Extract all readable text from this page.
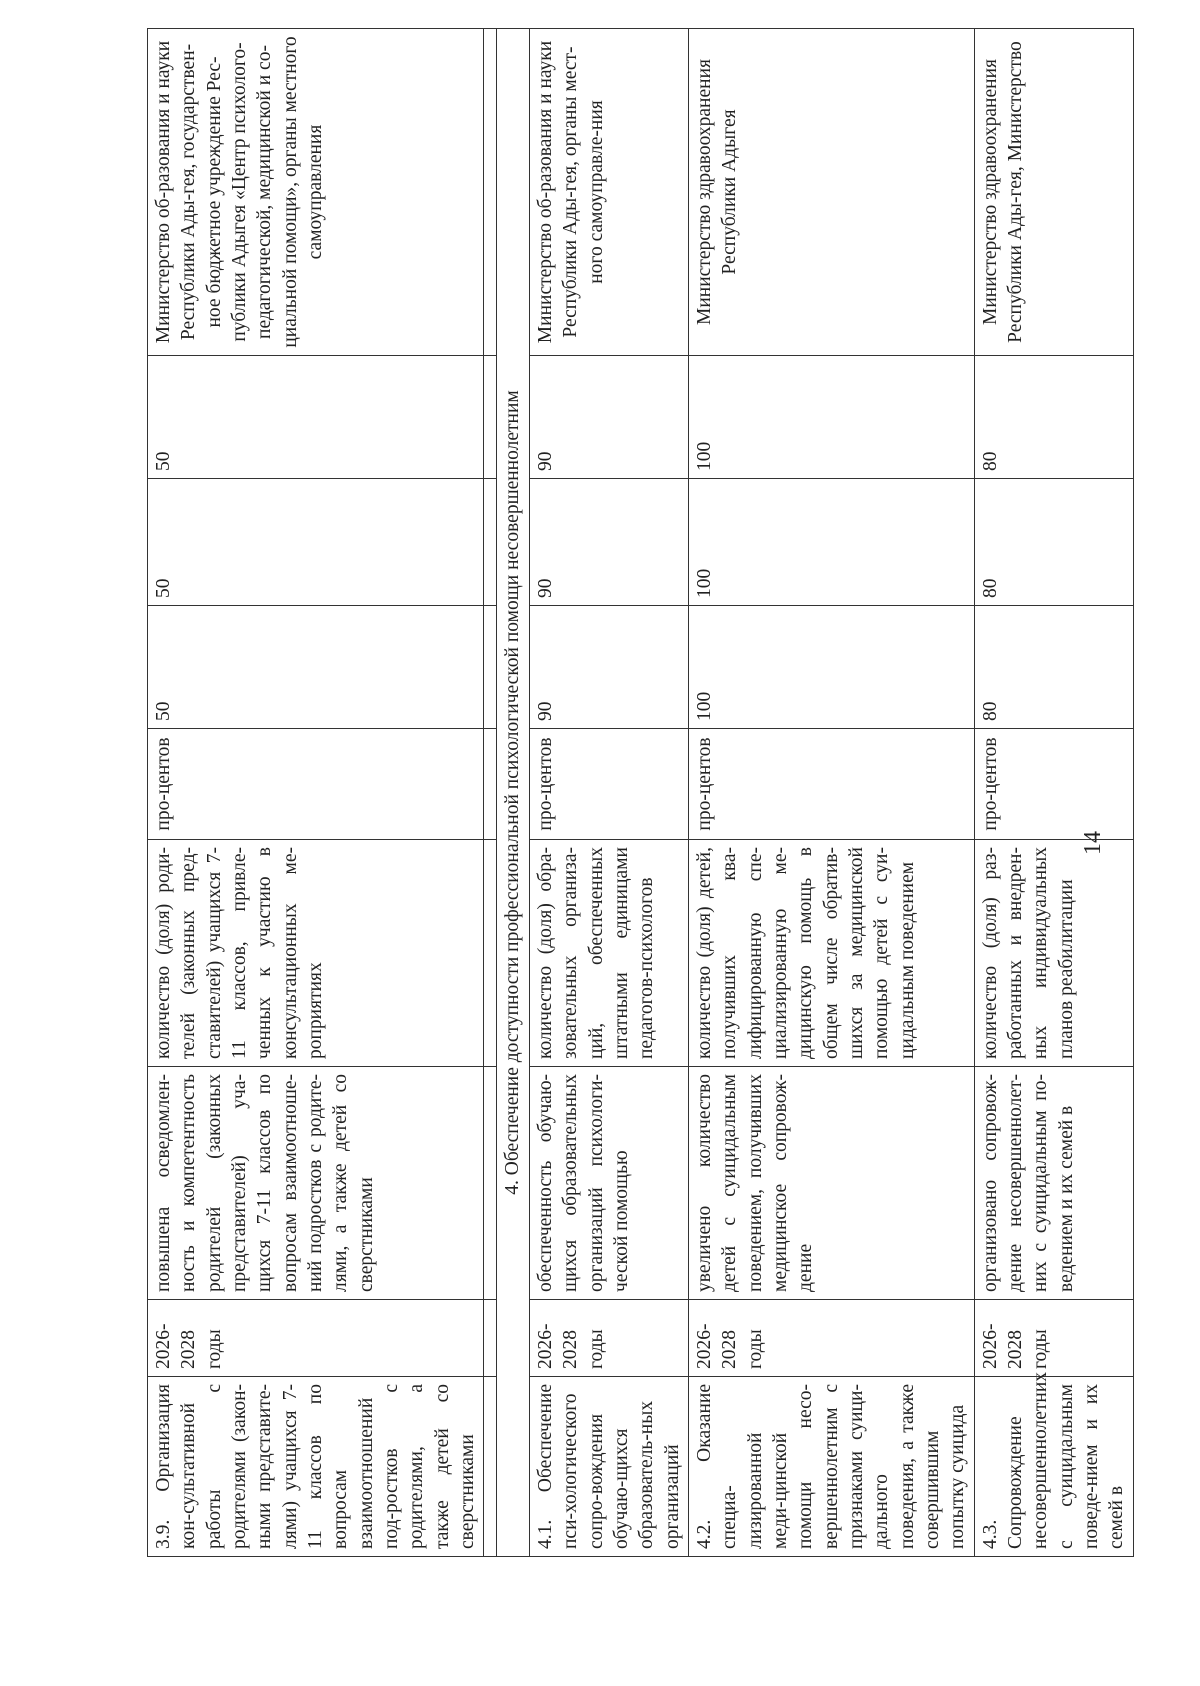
14
3.9. Организация кон-сультативной работы с родителями (закон-ными представите-лями) учащихся 7-11 классов по вопросам взаимоотношений под-ростков с родителями, а также детей со сверстниками	2026-2028 годы	повышена осведомлен-ность и компетентность родителей (законных представителей) уча-щихся 7-11 классов по вопросам взаимоотноше-ний подростков с родите-лями, а также детей со сверстниками	количество (доля) роди-телей (законных пред-ставителей) учащихся 7-11 классов, привле-ченных к участию в консультационных ме-роприятиях	про-центов	50	50	50	Министерство об-разования и науки Республики Ады-гея, государствен-ное бюджетное учреждение Рес-публики Адыгея «Центр психолого-педагогической, медицинской и со-циальной помощи», органы местного самоуправления

4. Обеспечение доступности профессиональной психологической помощи несовершеннолетним								
4.1. Обеспечение пси-хологического сопро-вождения обучаю-щихся образователь-ных организаций	2026-2028 годы	обеспеченность обучаю-щихся образовательных организаций психологи-ческой помощью	количество (доля) обра-зовательных организа-ций, обеспеченных штатными единицами педагогов-психологов	про-центов	90	90	90	Министерство об-разования и науки Республики Ады-гея, органы мест-ного самоуправле-ния
4.2. Оказание специа-лизированной меди-цинской помощи несо-вершеннолетним с признаками суици-дального поведения, а также совершившим попытку суицида	2026-2028 годы	увеличено количество детей с суицидальным поведением, получивших медицинское сопровож-дение	количество (доля) детей, получивших ква-лифицированную спе-циализированную ме-дицинскую помощь в общем числе обратив-шихся за медицинской помощью детей с суи-цидальным поведением	про-центов	100	100	100	Министерство здравоохранения Республики Адыгея
4.3. Сопровождение несовершеннолетних с суицидальным поведе-нием и их семей в	2026-2028 годы	организовано сопровож-дение несовершеннолет-них с суицидальным по-ведением и их семей в	количество (доля) раз-работанных и внедрен-ных индивидуальных планов реабилитации	про-центов	80	80	80	Министерство здравоохранения Республики Ады-гея, Министерство
